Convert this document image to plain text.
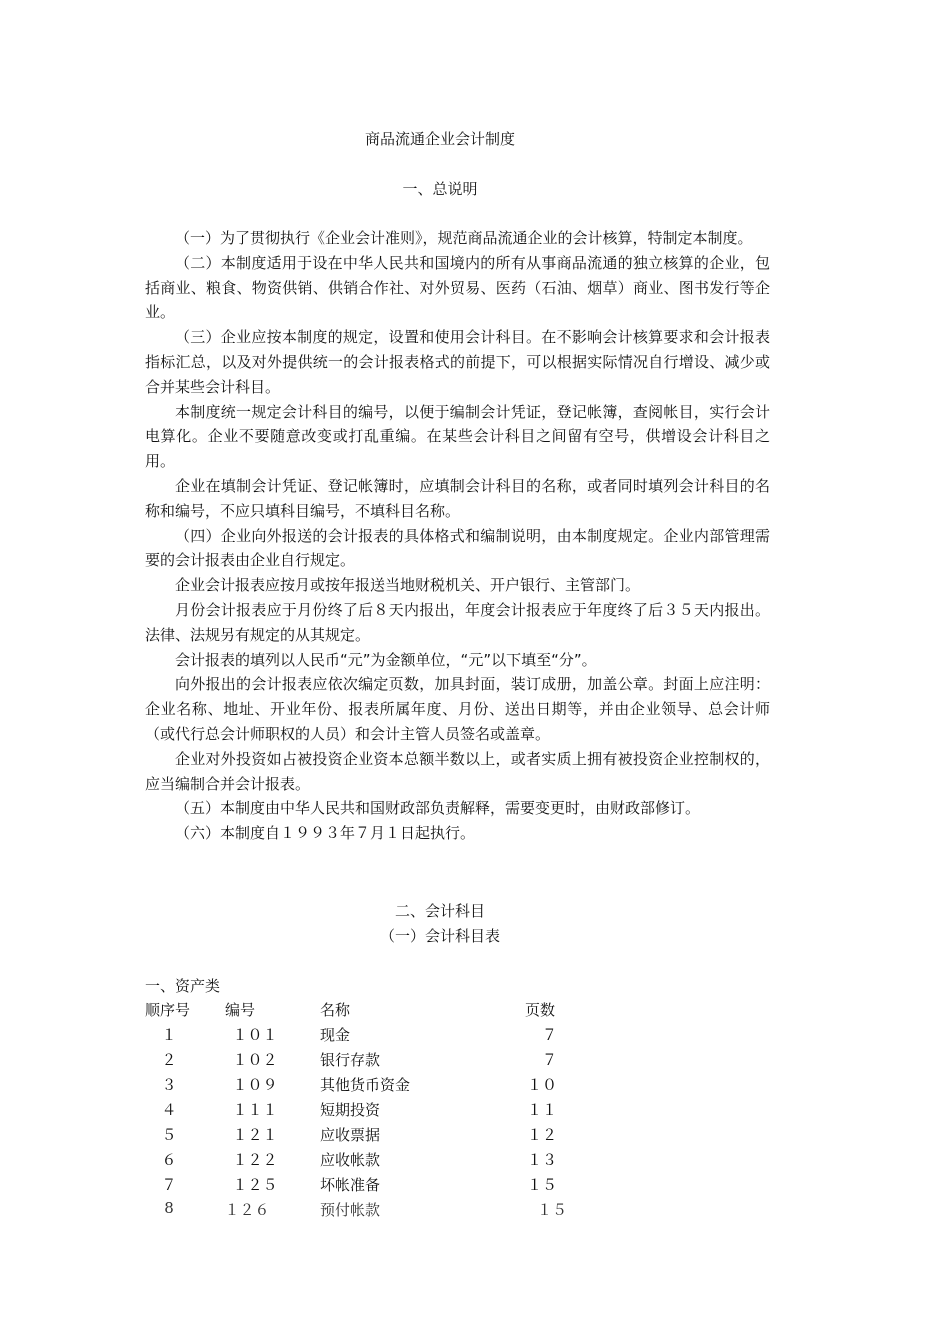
商品流通企业会计制度
一、总说明

（一）为了贯彻执行《企业会计准则》，规范商品流通企业的会计核算，特制定本制度。

（二）本制度适用于设在中华人民共和国境内的所有从事商品流通的独立核算的企业，包括商业、粮食、物资供销、供销合作社、对外贸易、医药（石油、烟草）商业、图书发行等企业。

（三）企业应按本制度的规定，设置和使用会计科目。在不影响会计核算要求和会计报表指标汇总，以及对外提供统一的会计报表格式的前提下，可以根据实际情况自行增设、减少或合并某些会计科目。

本制度统一规定会计科目的编号，以便于编制会计凭证，登记帐簿，查阅帐目，实行会计电算化。企业不要随意改变或打乱重编。在某些会计科目之间留有空号，供增设会计科目之用。

企业在填制会计凭证、登记帐簿时，应填制会计科目的名称，或者同时填列会计科目的名称和编号，不应只填科目编号，不填科目名称。

（四）企业向外报送的会计报表的具体格式和编制说明，由本制度规定。企业内部管理需要的会计报表由企业自行规定。

企业会计报表应按月或按年报送当地财税机关、开户银行、主管部门。

月份会计报表应于月份终了后８天内报出，年度会计报表应于年度终了后３５天内报出。法律、法规另有规定的从其规定。

会计报表的填列以人民币“元”为金额单位，“元”以下填至“分”。

向外报出的会计报表应依次编定页数，加具封面，装订成册，加盖公章。封面上应注明：企业名称、地址、开业年份、报表所属年度、月份、送出日期等，并由企业领导、总会计师（或代行总会计师职权的人员）和会计主管人员签名或盖章。

企业对外投资如占被投资企业资本总额半数以上，或者实质上拥有被投资企业控制权的，应当编制合并会计报表。

（五）本制度由中华人民共和国财政部负责解释，需要变更时，由财政部修订。

（六）本制度自１９９３年７月１日起执行。

二、会计科目
（一）会计科目表
一、资产类
顺序号 编号	名称	页数
１	１０１	现金	７
２	１０２	银行存款	７
３	１０９	其他货币资金	１０
４	１１１	短期投资	１１
５	１２１	应收票据	１２
６	１２２	应收帐款	１３
７	１２５	坏帐准备	１５
8	１２６	预付帐款	１５
